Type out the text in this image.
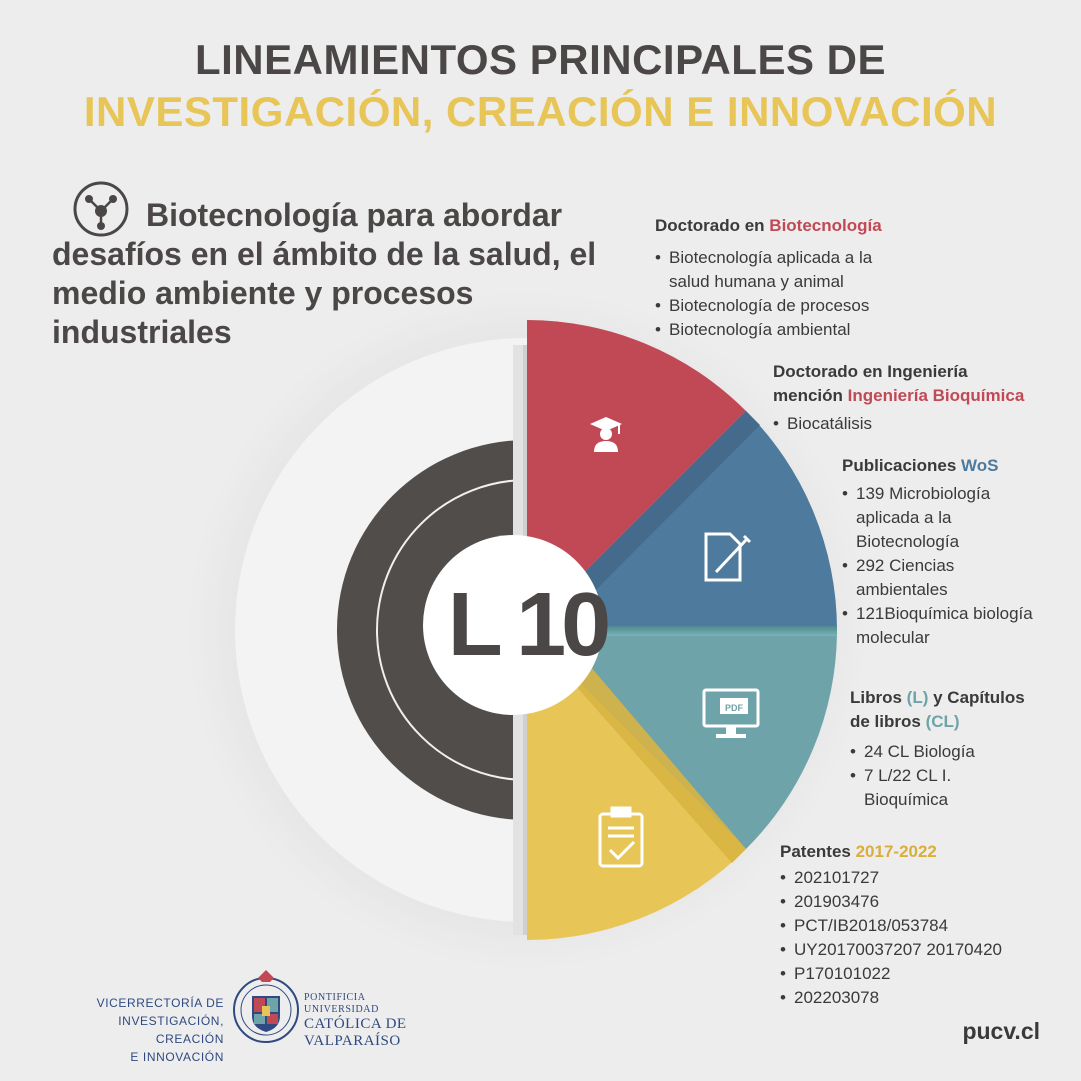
PDF
LINEAMIENTOS PRINCIPALES DE
INVESTIGACIÓN, CREACIÓN E INNOVACIÓN
Biotecnología para abordar desafíos en el ámbito de la salud, el medio ambiente y procesos industriales
L 10
Doctorado en Biotecnología
• Biotecnología aplicada a la salud humana y animal
• Biotecnología de procesos
• Biotecnología ambiental
Doctorado en Ingeniería
mención Ingeniería Bioquímica
• Biocatálisis
Publicaciones WoS
• 139 Microbiología aplicada a la Biotecnología
• 292 Ciencias ambientales
• 121Bioquímica biología molecular
Libros (L) y Capítulos
de libros (CL)
• 24 CL Biología
• 7 L/22 CL I. Bioquímica
Patentes 2017-2022
• 202101727
• 201903476
• PCT/IB2018/053784
• UY20170037207 20170420
• P170101022
• 202203078
VICERRECTORÍA DE
INVESTIGACIÓN, CREACIÓN
E INNOVACIÓN
PONTIFICIA
UNIVERSIDAD
CATÓLICA DE
VALPARAÍSO	pucv.cl
